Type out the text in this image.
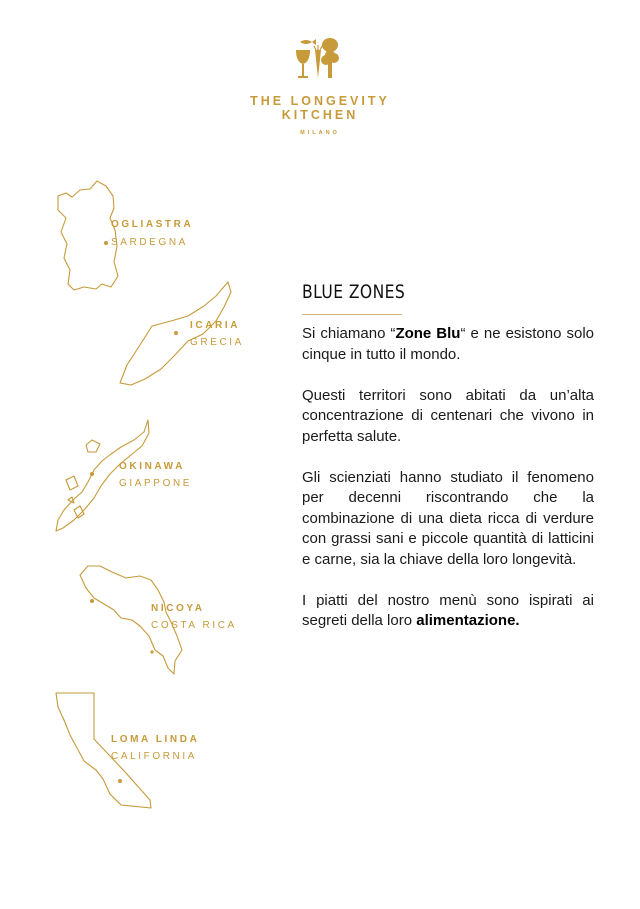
THE LONGEVITY
KITCHEN
MILANO
OGLIASTRA
SARDEGNA
ICARIA
GRECIA
OKINAWA
GIAPPONE
NICOYA
COSTA RICA
LOMA LINDA
CALIFORNIA
BLUE ZONES

Si chiamano “Zone Blu“ e ne esistono solo cinque in tutto il mondo.

Questi territori sono abitati da un’alta concentrazione di centenari che vivono in perfetta salute.

Gli scienziati hanno studiato il fenomeno per decenni riscontrando che la combinazione di una dieta ricca di verdure con grassi sani e piccole quantità di latticini e carne, sia la chiave della loro longevità.

I piatti del nostro menù sono ispirati ai segreti della loro alimentazione.
